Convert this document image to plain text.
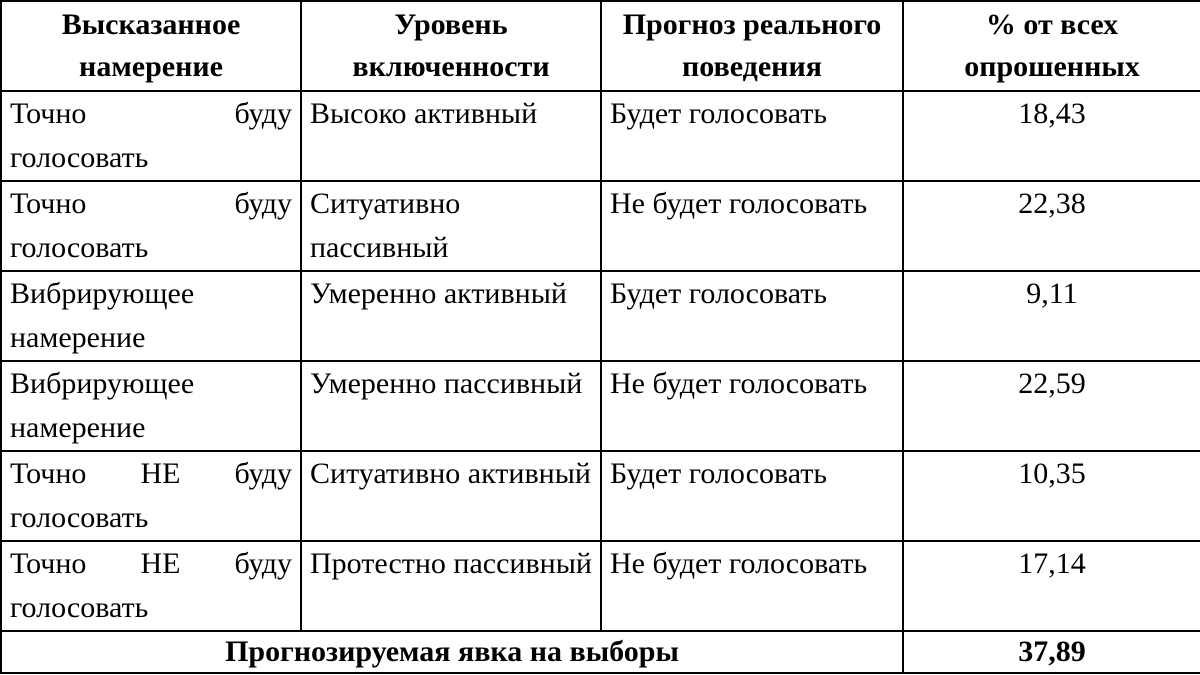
Высказанное намерение	Уровень включенности	Прогноз реального поведения	% от всех опрошенных
Точно буду голосовать	Высоко активный	Будет голосовать	18,43
Точно буду голосовать	Ситуативно пассивный	Не будет голосовать	22,38
Вибрирующее намерение	Умеренно активный	Будет голосовать	9,11
Вибрирующее намерение	Умеренно пассивный	Не будет голосовать	22,59
Точно НЕ буду голосовать	Ситуативно активный	Будет голосовать	10,35
Точно НЕ буду голосовать	Протестно пассивный	Не будет голосовать	17,14
Прогнозируемая явка на выборы			37,89
